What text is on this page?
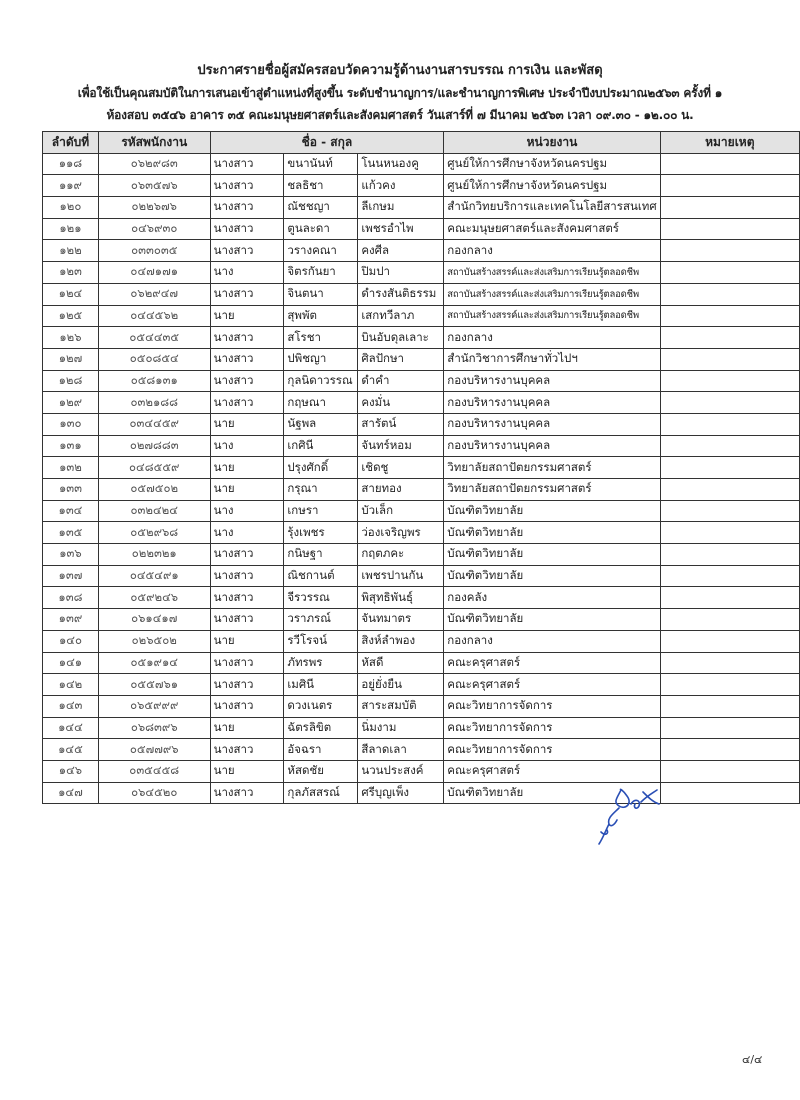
ประกาศรายชื่อผู้สมัครสอบวัดความรู้ด้านงานสารบรรณ การเงิน และพัสดุ
เพื่อใช้เป็นคุณสมบัติในการเสนอเข้าสู่ตำแหน่งที่สูงขึ้น ระดับชำนาญการ/และชำนาญการพิเศษ ประจำปีงบประมาณ๒๕๖๓ ครั้งที่ ๑
ห้องสอบ ๓๕๔๖ อาคาร ๓๕ คณะมนุษยศาสตร์และสังคมศาสตร์ วันเสาร์ที่ ๗ มีนาคม ๒๕๖๓ เวลา ๐๙.๓๐ - ๑๒.๐๐ น.
ลำดับที่	รหัสพนักงาน	ชื่อ - สกุล			หน่วยงาน	หมายเหตุ
๑๑๘	๐๖๒๙๘๓	นางสาว	ขนานันท์	โนนหนองคู	ศูนย์ให้การศึกษาจังหวัดนครปฐม	
๑๑๙	๐๖๓๕๗๖	นางสาว	ชลธิชา	แก้วคง	ศูนย์ให้การศึกษาจังหวัดนครปฐม	
๑๒๐	๐๒๒๖๗๖	นางสาว	ณัชชญา	ลีเกษม	สำนักวิทยบริการและเทคโนโลยีสารสนเทศ	
๑๒๑	๐๔๖๙๓๐	นางสาว	ตูนละดา	เพชรอำไพ	คณะมนุษยศาสตร์และสังคมศาสตร์	
๑๒๒	๐๓๓๐๓๕	นางสาว	วรางคณา	คงศีล	กองกลาง	
๑๒๓	๐๔๗๑๗๑	นาง	จิตรกันยา	ปิมปา	สถาบันสร้างสรรค์และส่งเสริมการเรียนรู้ตลอดชีพ	
๑๒๔	๐๖๒๙๔๗	นางสาว	จินตนา	ดำรงสันติธรรม	สถาบันสร้างสรรค์และส่งเสริมการเรียนรู้ตลอดชีพ	
๑๒๕	๐๔๔๕๖๒	นาย	สุพพัต	เสกทวีลาภ	สถาบันสร้างสรรค์และส่งเสริมการเรียนรู้ตลอดชีพ	
๑๒๖	๐๕๔๔๓๕	นางสาว	สโรชา	บินอับดุลเลาะ	กองกลาง	
๑๒๗	๐๕๐๘๕๔	นางสาว	ปพิชญา	ศิลปักษา	สำนักวิชาการศึกษาทั่วไปฯ	
๑๒๘	๐๕๘๑๓๑	นางสาว	กุลนิดาวรรณ	ดำคำ	กองบริหารงานบุคคล	
๑๒๙	๐๓๒๑๘๘	นางสาว	กฤษณา	คงมั่น	กองบริหารงานบุคคล	
๑๓๐	๐๓๔๔๕๙	นาย	นัฐพล	สารัตน์	กองบริหารงานบุคคล	
๑๓๑	๐๒๗๘๘๓	นาง	เกศินี	จันทร์หอม	กองบริหารงานบุคคล	
๑๓๒	๐๔๘๕๕๙	นาย	ปรุงศักดิ์	เชิดชู	วิทยาลัยสถาปัตยกรรมศาสตร์	
๑๓๓	๐๕๗๕๐๒	นาย	กรุณา	สายทอง	วิทยาลัยสถาปัตยกรรมศาสตร์	
๑๓๔	๐๓๒๔๒๔	นาง	เกษรา	บัวเล็ก	บัณฑิตวิทยาลัย	
๑๓๕	๐๕๒๙๖๘	นาง	รุ้งเพชร	ว่องเจริญพร	บัณฑิตวิทยาลัย	
๑๓๖	๐๒๒๓๒๑	นางสาว	กนิษฐา	กฤตภคะ	บัณฑิตวิทยาลัย	
๑๓๗	๐๔๕๔๙๑	นางสาว	ณิชกานต์	เพชรปานกัน	บัณฑิตวิทยาลัย	
๑๓๘	๐๕๙๒๔๖	นางสาว	จีรวรรณ	พิสุทธิพันธุ์	กองคลัง	
๑๓๙	๐๖๑๔๑๗	นางสาว	วราภรณ์	จันทมาตร	บัณฑิตวิทยาลัย	
๑๔๐	๐๒๖๕๐๒	นาย	รวีโรจน์	สิงห์ลำพอง	กองกลาง	
๑๔๑	๐๕๑๙๑๔	นางสาว	ภัทรพร	หัสดี	คณะครุศาสตร์	
๑๔๒	๐๕๕๗๖๑	นางสาว	เมศินี	อยู่ยั่งยืน	คณะครุศาสตร์	
๑๔๓	๐๖๕๙๙๙	นางสาว	ดวงเนตร	สาระสมบัติ	คณะวิทยาการจัดการ	
๑๔๔	๐๖๘๓๙๖	นาย	ฉัตรลิขิต	นิ่มงาม	คณะวิทยาการจัดการ	
๑๔๕	๐๕๗๗๙๖	นางสาว	อัจฉรา	สีลาดเลา	คณะวิทยาการจัดการ	
๑๔๖	๐๓๕๔๕๘	นาย	หัสดชัย	นวนประสงค์	คณะครุศาสตร์	
๑๔๗	๐๖๔๕๒๐	นางสาว	กุลภัสสรณ์	ศรีบุญเพ็ง	บัณฑิตวิทยาลัย	
๔/๔
